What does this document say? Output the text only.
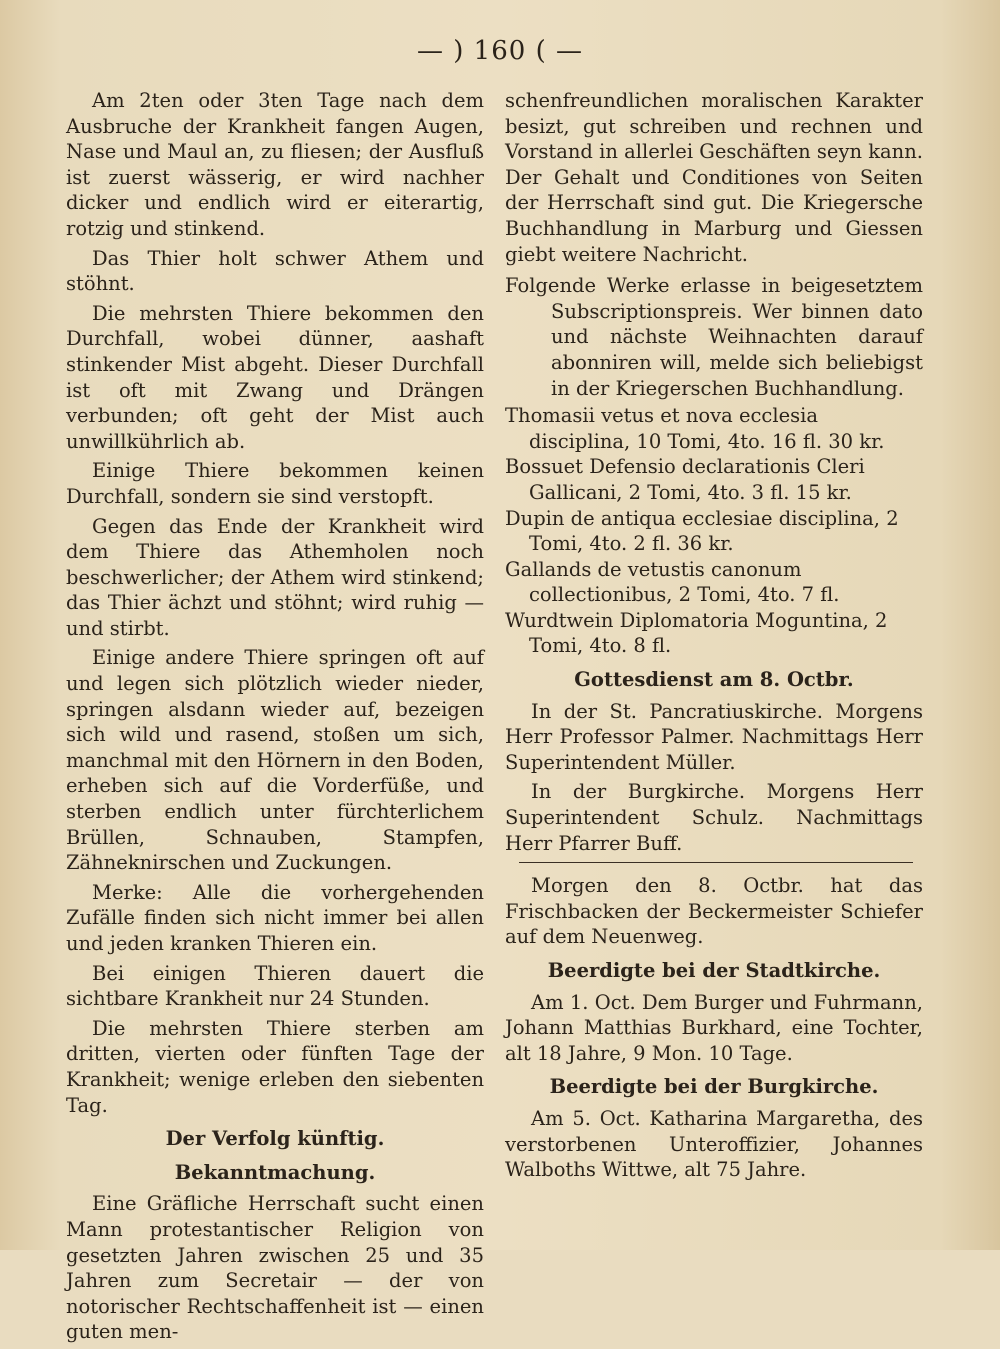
— ) 160 ( —

Am 2ten oder 3ten Tage nach dem Ausbruche der Krankheit fangen Augen, Nase und Maul an, zu fliesen; der Ausfluß ist zuerst wässerig, er wird nachher dicker und endlich wird er eiterartig, rotzig und stinkend.

Das Thier holt schwer Athem und stöhnt.

Die mehrsten Thiere bekommen den Durchfall, wobei dünner, aashaft stinkender Mist abgeht. Dieser Durchfall ist oft mit Zwang und Drängen verbunden; oft geht der Mist auch unwillkührlich ab.

Einige Thiere bekommen keinen Durchfall, sondern sie sind verstopft.

Gegen das Ende der Krankheit wird dem Thiere das Athemholen noch beschwerlicher; der Athem wird stinkend; das Thier ächzt und stöhnt; wird ruhig — und stirbt.

Einige andere Thiere springen oft auf und legen sich plötzlich wieder nieder, springen alsdann wieder auf, bezeigen sich wild und rasend, stoßen um sich, manchmal mit den Hörnern in den Boden, erheben sich auf die Vorderfüße, und sterben endlich unter fürchterlichem Brüllen, Schnauben, Stampfen, Zähneknirschen und Zuckungen.

Merke: Alle die vorhergehenden Zufälle finden sich nicht immer bei allen und jeden kranken Thieren ein.

Bei einigen Thieren dauert die sichtbare Krankheit nur 24 Stunden.

Die mehrsten Thiere sterben am dritten, vierten oder fünften Tage der Krankheit; wenige erleben den siebenten Tag.

Der Verfolg künftig.

Bekanntmachung.

Eine Gräfliche Herrschaft sucht einen Mann protestantischer Religion von gesetzten Jahren zwischen 25 und 35 Jahren zum Secretair — der von notorischer Rechtschaffenheit ist — einen guten men-

schenfreundlichen moralischen Karakter besizt, gut schreiben und rechnen und Vorstand in allerlei Geschäften seyn kann. Der Gehalt und Conditiones von Seiten der Herrschaft sind gut. Die Kriegersche Buchhandlung in Marburg und Giessen giebt weitere Nachricht.

Folgende Werke erlasse in beigesetztem Subscriptionspreis. Wer binnen dato und nächste Weihnachten darauf abonniren will, melde sich beliebigst in der Kriegerschen Buchhandlung.

Thomasii vetus et nova ecclesia disciplina, 10 Tomi, 4to. 16 fl. 30 kr.

Bossuet Defensio declarationis Cleri Gallicani, 2 Tomi, 4to. 3 fl. 15 kr.

Dupin de antiqua ecclesiae disciplina, 2 Tomi, 4to. 2 fl. 36 kr.

Gallands de vetustis canonum collectionibus, 2 Tomi, 4to. 7 fl.

Wurdtwein Diplomatoria Moguntina, 2 Tomi, 4to. 8 fl.

Gottesdienst am 8. Octbr.

In der St. Pancratiuskirche. Morgens Herr Professor Palmer. Nachmittags Herr Superintendent Müller.

In der Burgkirche. Morgens Herr Superintendent Schulz. Nachmittags Herr Pfarrer Buff.

Morgen den 8. Octbr. hat das Frischbacken der Beckermeister Schiefer auf dem Neuenweg.

Beerdigte bei der Stadtkirche.

Am 1. Oct. Dem Burger und Fuhrmann, Johann Matthias Burkhard, eine Tochter, alt 18 Jahre, 9 Mon. 10 Tage.

Beerdigte bei der Burgkirche.

Am 5. Oct. Katharina Margaretha, des verstorbenen Unteroffizier, Johannes Walboths Wittwe, alt 75 Jahre.
